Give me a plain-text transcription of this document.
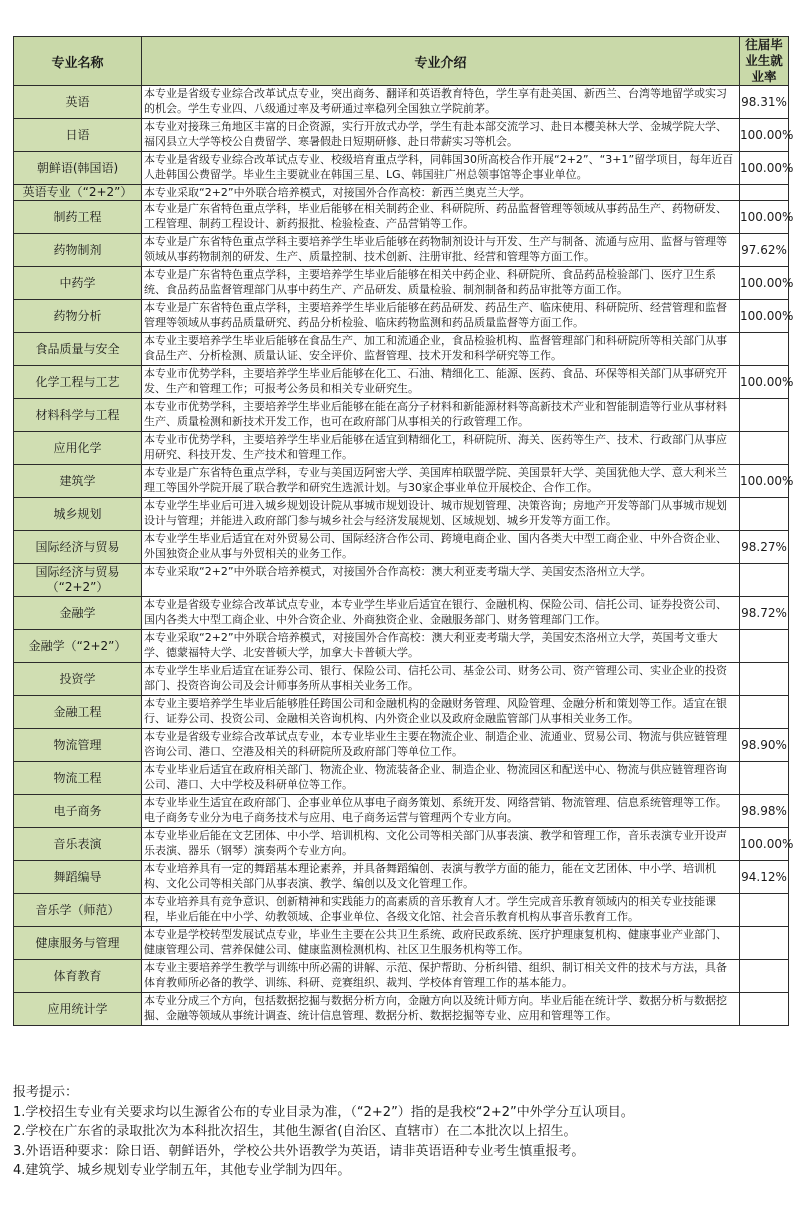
专业名称	专业介绍	往届毕业生就业率
英语	本专业是省级专业综合改革试点专业，突出商务、翻译和英语教育特色，学生享有赴美国、新西兰、台湾等地留学或实习的机会。学生专业四、八级通过率及考研通过率稳列全国独立学院前茅。	98.31%
日语	本专业对接珠三角地区丰富的日企资源，实行开放式办学，学生有赴本部交流学习、赴日本樱美林大学、金城学院大学、福冈县立大学等校公自费留学、寒暑假赴日短期研修、赴日带薪实习等机会。	100.00%
朝鲜语(韩国语)	本专业是省级专业综合改革试点专业、校级培育重点学科，同韩国30所高校合作开展“2+2”、“3+1”留学项目，每年近百人赴韩国公费留学。毕业生主要就业在韩国三星、LG、韩国驻广州总领事馆等企事业单位。	100.00%
英语专业（“2+2”）	本专业采取“2+2”中外联合培养模式，对接国外合作高校：新西兰奥克兰大学。	
制药工程	本专业是广东省特色重点学科，毕业后能够在相关制药企业、科研院所、药品监督管理等领域从事药品生产、药物研发、工程管理、制药工程设计、新药报批、检验检查、产品营销等工作。	100.00%
药物制剂	本专业是广东省特色重点学科主要培养学生毕业后能够在药物制剂设计与开发、生产与制备、流通与应用、监督与管理等领域从事药物制剂的研发、生产、质量控制、技术创新、注册审批、经营和管理等方面工作。	97.62%
中药学	本专业是广东省特色重点学科，主要培养学生毕业后能够在相关中药企业、科研院所、食品药品检验部门、医疗卫生系统、食品药品监督管理部门从事中药生产、产品研发、质量检验、制剂制备和药品审批等方面工作。	100.00%
药物分析	本专业是广东省特色重点学科，主要培养学生毕业后能够在药品研发、药品生产、临床使用、科研院所、经营管理和监督管理等领域从事药品质量研究、药品分析检验、临床药物监测和药品质量监督等方面工作。	100.00%
食品质量与安全	本专业主要培养学生毕业后能够在食品生产、加工和流通企业，食品检验机构、监督管理部门和科研院所等相关部门从事食品生产、分析检测、质量认证、安全评价、监督管理、技术开发和科学研究等工作。	
化学工程与工艺	本专业市优势学科，主要培养学生毕业后能够在化工、石油、精细化工、能源、医药、食品、环保等相关部门从事研究开发、生产和管理工作；可报考公务员和相关专业研究生。	100.00%
材料科学与工程	本专业市优势学科，主要培养学生毕业后能够在能在高分子材料和新能源材料等高新技术产业和智能制造等行业从事材料生产、质量检测和新技术开发工作，也可在政府部门从事相关的行政管理工作。	
应用化学	本专业市优势学科，主要培养学生毕业后能够在适宜到精细化工，科研院所、海关、医药等生产、技术、行政部门从事应用研究、科技开发、生产技术和管理工作。	
建筑学	本专业是广东省特色重点学科，专业与美国迈阿密大学、美国库柏联盟学院、美国景轩大学、美国犹他大学、意大利米兰理工等国外学院开展了联合教学和研究生选派计划。与30家企事业单位开展校企、合作工作。	100.00%
城乡规划	本专业学生毕业后可进入城乡规划设计院从事城市规划设计、城市规划管理、决策咨询；房地产开发等部门从事城市规划设计与管理；并能进入政府部门参与城乡社会与经济发展规划、区域规划、城乡开发等方面工作。	
国际经济与贸易	本专业学生毕业后适宜在对外贸易公司、国际经济合作公司、跨境电商企业、国内各类大中型工商企业、中外合资企业、外国独资企业从事与外贸相关的业务工作。	98.27%
国际经济与贸易（“2+2”）	本专业采取“2+2”中外联合培养模式，对接国外合作高校：澳大利亚麦考瑞大学、美国安杰洛州立大学。	
金融学	本专业是省级专业综合改革试点专业，本专业学生毕业后适宜在银行、金融机构、保险公司、信托公司、证券投资公司、国内各类大中型工商企业、中外合资企业、外商独资企业、金融服务部门、财务管理部门工作。	98.72%
金融学（“2+2”）	本专业采取“2+2”中外联合培养模式，对接国外合作高校：澳大利亚麦考瑞大学，美国安杰洛州立大学，英国考文垂大学、德蒙福特大学、北安普顿大学，加拿大卡普顿大学。	
投资学	本专业学生毕业后适宜在证券公司、银行、保险公司、信托公司、基金公司、财务公司、资产管理公司、实业企业的投资部门、投资咨询公司及会计师事务所从事相关业务工作。	
金融工程	本专业主要培养学生毕业后能够胜任跨国公司和金融机构的金融财务管理、风险管理、金融分析和策划等工作。适宜在银行、证券公司、投资公司、金融相关咨询机构、内外资企业以及政府金融监管部门从事相关业务工作。	
物流管理	本专业是省级专业综合改革试点专业，本专业毕业生主要在物流企业、制造企业、流通业、贸易公司、物流与供应链管理咨询公司、港口、空港及相关的科研院所及政府部门等单位工作。	98.90%
物流工程	本专业毕业后适宜在政府相关部门、物流企业、物流装备企业、制造企业、物流园区和配送中心、物流与供应链管理咨询公司、港口、大中学校及科研单位等工作。	
电子商务	本专业毕业生适宜在政府部门、企事业单位从事电子商务策划、系统开发、网络营销、物流管理、信息系统管理等工作。电子商务专业分为电子商务技术与应用、电子商务运营与管理两个专业方向。	98.98%
音乐表演	本专业毕业后能在文艺团体、中小学、培训机构、文化公司等相关部门从事表演、教学和管理工作，音乐表演专业开设声乐表演、器乐（钢琴）演奏两个专业方向。	100.00%
舞蹈编导	本专业培养具有一定的舞蹈基本理论素养，并具备舞蹈编创、表演与教学方面的能力，能在文艺团体、中小学、培训机构、文化公司等相关部门从事表演、教学、编创以及文化管理工作。	94.12%
音乐学（师范）	本专业培养具有竞争意识、创新精神和实践能力的高素质的音乐教育人才。学生完成音乐教育领域内的相关专业技能课程，毕业后能在中小学、幼教领域、企事业单位、各级文化馆、社会音乐教育机构从事音乐教育工作。	
健康服务与管理	本专业是学校转型发展试点专业，毕业生主要在公共卫生系统、政府民政系统、医疗护理康复机构、健康事业产业部门、健康管理公司、营养保健公司、健康监测检测机构、社区卫生服务机构等工作。	
体育教育	本专业主要培养学生教学与训练中所必需的讲解、示范、保护帮助、分析纠错、组织、制订相关文件的技术与方法，具备体育教师所必备的教学、训练、科研、竞赛组织、裁判、学校体育管理工作的基本能力。	
应用统计学	本专业分成三个方向，包括数据挖掘与数据分析方向，金融方向以及统计师方向。毕业后能在统计学、数据分析与数据挖掘、金融等领域从事统计调查、统计信息管理、数据分析、数据挖掘等专业、应用和管理等工作。	
报考提示：
1.学校招生专业有关要求均以生源省公布的专业目录为准，（“2+2”）指的是我校“2+2”中外学分互认项目。
2.学校在广东省的录取批次为本科批次招生，其他生源省(自治区、直辖市）在二本批次以上招生。
3.外语语种要求：除日语、朝鲜语外，学校公共外语教学为英语，请非英语语种专业考生慎重报考。
4.建筑学、城乡规划专业学制五年，其他专业学制为四年。
